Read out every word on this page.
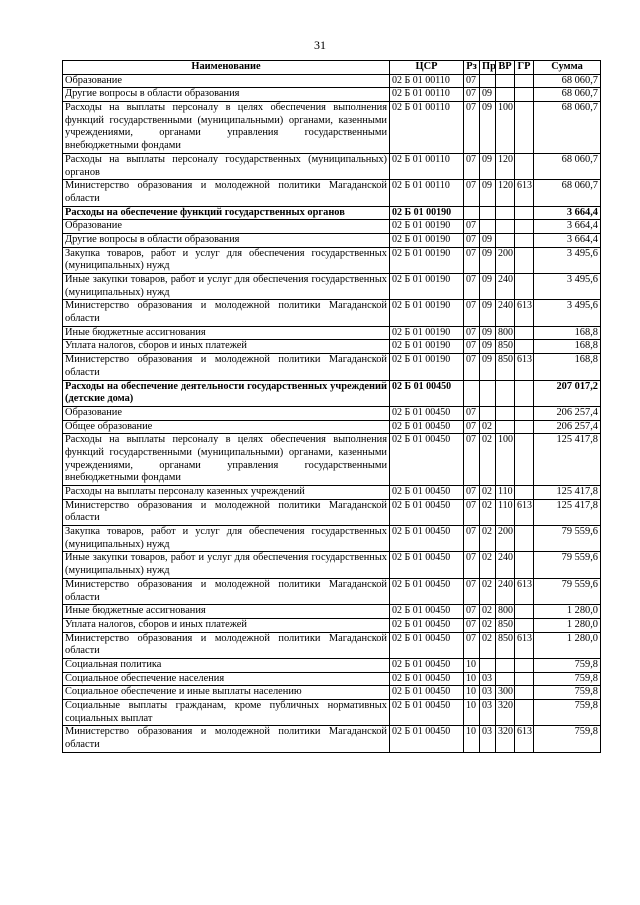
31
Наименование	ЦСР	Рз	Пр	ВР	ГР	Сумма
Образование	02 Б 01 00110	07				68 060,7
Другие вопросы в области образования	02 Б 01 00110	07	09			68 060,7
Расходы на выплаты персоналу в целях обеспечения выполнения функций государственными (муниципальными) органами, казенными учреждениями, органами управления государственными внебюджетными фондами	02 Б 01 00110	07	09	100		68 060,7
Расходы на выплаты персоналу государственных (муниципальных) органов	02 Б 01 00110	07	09	120		68 060,7
Министерство образования и молодежной политики Магаданской области	02 Б 01 00110	07	09	120	613	68 060,7
Расходы на обеспечение функций государственных органов	02 Б 01 00190					3 664,4
Образование	02 Б 01 00190	07				3 664,4
Другие вопросы в области образования	02 Б 01 00190	07	09			3 664,4
Закупка товаров, работ и услуг для обеспечения государственных (муниципальных) нужд	02 Б 01 00190	07	09	200		3 495,6
Иные закупки товаров, работ и услуг для обеспечения государственных (муниципальных) нужд	02 Б 01 00190	07	09	240		3 495,6
Министерство образования и молодежной политики Магаданской области	02 Б 01 00190	07	09	240	613	3 495,6
Иные бюджетные ассигнования	02 Б 01 00190	07	09	800		168,8
Уплата налогов, сборов и иных платежей	02 Б 01 00190	07	09	850		168,8
Министерство образования и молодежной политики Магаданской области	02 Б 01 00190	07	09	850	613	168,8
Расходы на обеспечение деятельности государственных учреждений (детские дома)	02 Б 01 00450					207 017,2
Образование	02 Б 01 00450	07				206 257,4
Общее образование	02 Б 01 00450	07	02			206 257,4
Расходы на выплаты персоналу в целях обеспечения выполнения функций государственными (муниципальными) органами, казенными учреждениями, органами управления государственными внебюджетными фондами	02 Б 01 00450	07	02	100		125 417,8
Расходы на выплаты персоналу казенных учреждений	02 Б 01 00450	07	02	110		125 417,8
Министерство образования и молодежной политики Магаданской области	02 Б 01 00450	07	02	110	613	125 417,8
Закупка товаров, работ и услуг для обеспечения государственных (муниципальных) нужд	02 Б 01 00450	07	02	200		79 559,6
Иные закупки товаров, работ и услуг для обеспечения государственных (муниципальных) нужд	02 Б 01 00450	07	02	240		79 559,6
Министерство образования и молодежной политики Магаданской области	02 Б 01 00450	07	02	240	613	79 559,6
Иные бюджетные ассигнования	02 Б 01 00450	07	02	800		1 280,0
Уплата налогов, сборов и иных платежей	02 Б 01 00450	07	02	850		1 280,0
Министерство образования и молодежной политики Магаданской области	02 Б 01 00450	07	02	850	613	1 280,0
Социальная политика	02 Б 01 00450	10				759,8
Социальное обеспечение населения	02 Б 01 00450	10	03			759,8
Социальное обеспечение и иные выплаты населению	02 Б 01 00450	10	03	300		759,8
Социальные выплаты гражданам, кроме публичных нормативных социальных выплат	02 Б 01 00450	10	03	320		759,8
Министерство образования и молодежной политики Магаданской области	02 Б 01 00450	10	03	320	613	759,8
